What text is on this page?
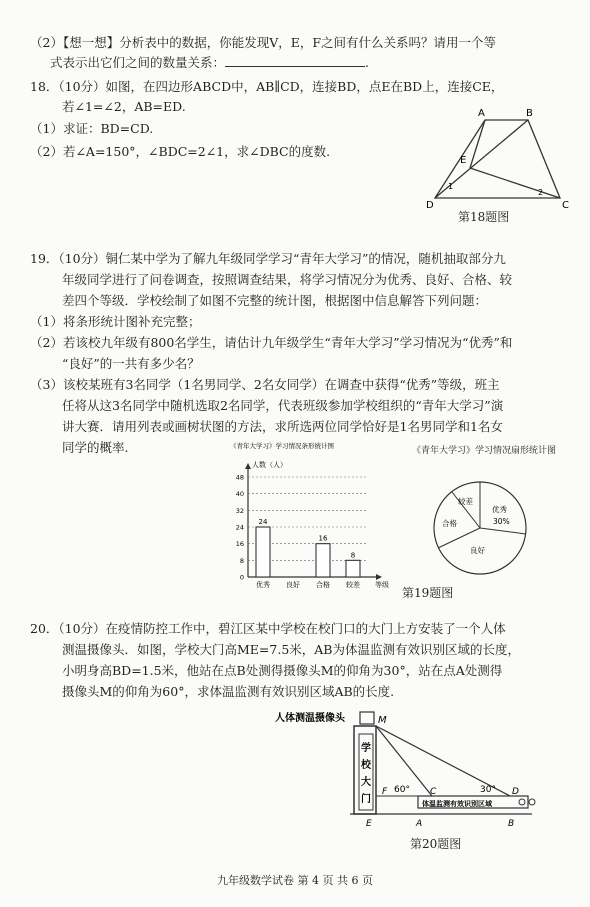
（2）【想一想】分析表中的数据，你能发现V，E，F之间有什么关系吗？请用一个等
式表示出它们之间的数量关系：	.
18．（10分）如图，在四边形ABCD中，AB∥CD，连接BD，点E在BD上，连接CE，
若∠1=∠2，AB=ED.
（1）求证：BD=CD.
（2）若∠A=150°，∠BDC=2∠1，求∠DBC的度数.
A	B
C
D
E
1
2
第18题图
19．（10分）铜仁某中学为了解九年级同学学习“青年大学习”的情况，随机抽取部分九
年级同学进行了问卷调查，按照调查结果，将学习情况分为优秀、良好、合格、较
差四个等级．学校绘制了如图不完整的统计图，根据图中信息解答下列问题：
（1）将条形统计图补充完整；
（2）若该校九年级有800名学生，请估计九年级学生“青年大学习”学习情况为“优秀”和
“良好”的一共有多少名？
（3）该校某班有3名同学（1名男同学、2名女同学）在调查中获得“优秀”等级，班主
任将从这3名同学中随机选取2名同学，代表班级参加学校组织的“青年大学习”演
讲大赛．请用列表或画树状图的方法，求所选两位同学恰好是1名男同学和1名女
同学的概率.	《青年大学习》学习情况条形统计图
人数（人）
0
8
16
24
32
40
48
24
优秀 良好
16
合格
8
较差 等级
《青年大学习》学习情况扇形统计图
较差
合格
优秀
30%
良好
第19题图
20．（10分）在疫情防控工作中，碧江区某中学校在校门口的大门上方安装了一个人体
测温摄像头．如图，学校大门高ME=7.5米，AB为体温监测有效识别区域的长度，
小明身高BD=1.5米，他站在点B处测得摄像头M的仰角为30°，站在点A处测得
摄像头M的仰角为60°，求体温监测有效识别区域AB的长度.
人体测温摄像头	M
学
校
大
门	体温监测有效识别区域
F 60° C	30° D
E	A	B
第20题图
九年级数学试卷 第 4 页 共 6 页
